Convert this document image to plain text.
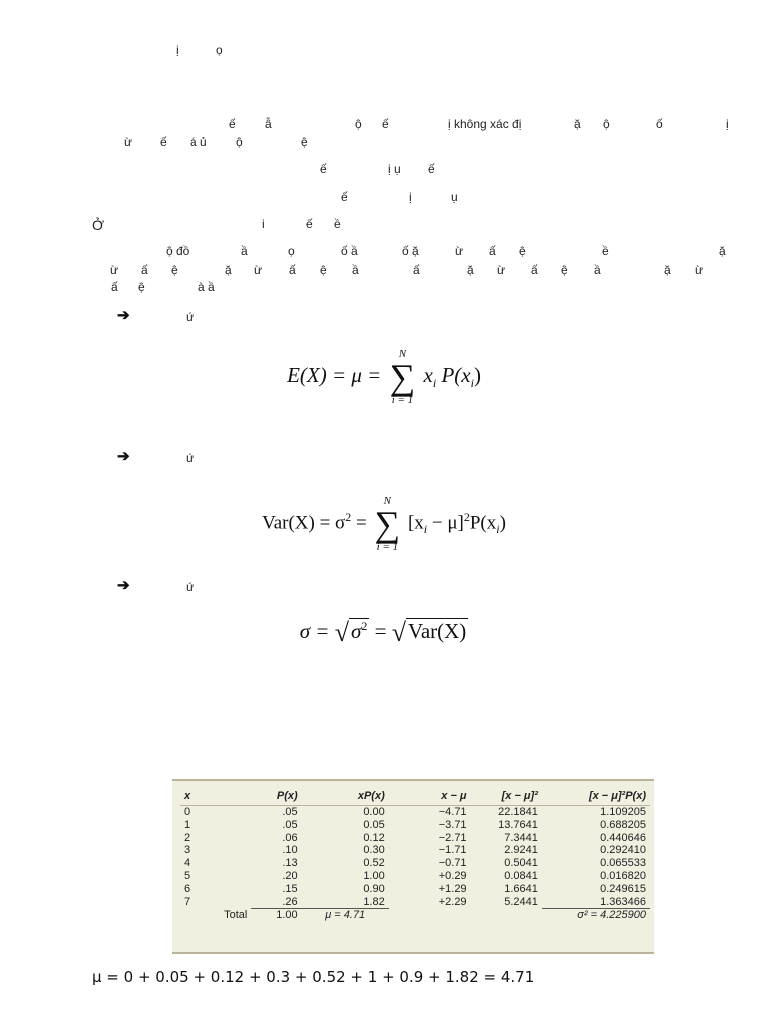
ị	ọ
ế ẫ	ộ ế	ị không xác đị	ặ ộ	ố	ị
ừ ế á ủ ộ	ệ
ế	ị ụ ế
ế	ị	ụ
Ở	i	ế ề
ộ đồ	ầ	ọ	ố ầ	ố ặ	ừ ấ ệ	ề	ặ
ừ ấ ệ	ặ ừ ấ ệ ầ	ấ	ặ ừ ấ ệ ầ	ặ ừ
ấ ệ	à ầ
➔	ứ
E(X) = μ =
N
∑
i = 1
$x_i$ $P(x_i)$
➔	ứ
$Var(X) = \sigma^2$ =
N
∑
i = 1
$[x_i - \mu]^2P(x_i)$
➔	ứ
$\sigma = √\sigma^2 = √Var(X)$
x	P(x)	xP(x)	x − μ	[x − μ]²	[x − μ]²P(x)
0	.05	0.00	−4.71	22.1841	1.109205
1	.05	0.05	−3.71	13.7641	0.688205
2	.06	0.12	−2.71	7.3441	0.440646
3	.10	0.30	−1.71	2.9241	0.292410
4	.13	0.52	−0.71	0.5041	0.065533
5	.20	1.00	+0.29	0.0841	0.016820
6	.15	0.90	+1.29	1.6641	0.249615
7	.26	1.82	+2.29	5.2441	1.363466
Total	1.00	μ = 4.71			σ² = 4.225900
μ = 0 + 0.05 + 0.12 + 0.3 + 0.52 + 1 + 0.9 + 1.82 = 4.71
